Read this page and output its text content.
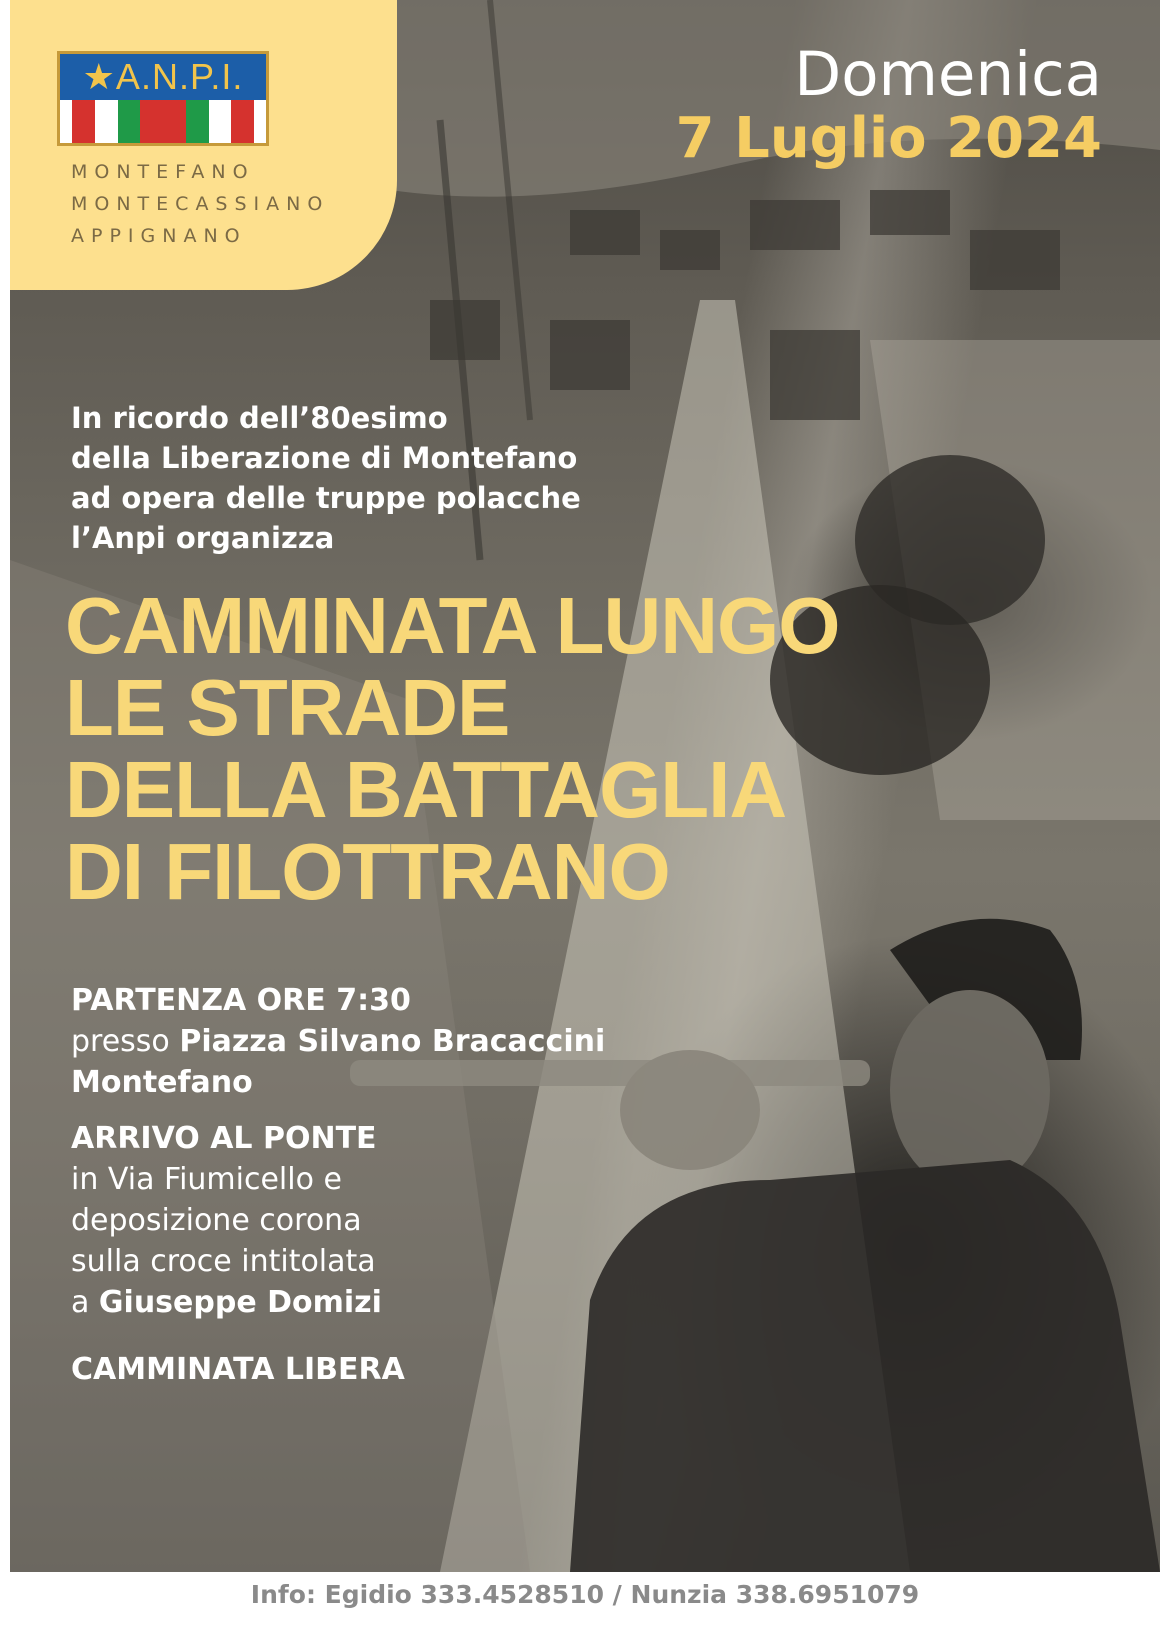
★A.N.P.I.
MONTEFANO
MONTECASSIANO
APPIGNANO
Domenica
7 Luglio 2024
In ricordo dell’80esimo
della Liberazione di Montefano
ad opera delle truppe polacche
l’Anpi organizza
CAMMINATA LUNGO
LE STRADE
DELLA BATTAGLIA
DI FILOTTRANO
PARTENZA ORE 7:30
presso Piazza Silvano Bracaccini
Montefano
ARRIVO AL PONTE
in Via Fiumicello e
deposizione corona
sulla croce intitolata
a Giuseppe Domizi
CAMMINATA LIBERA
Info: Egidio 333.4528510 / Nunzia 338.6951079
